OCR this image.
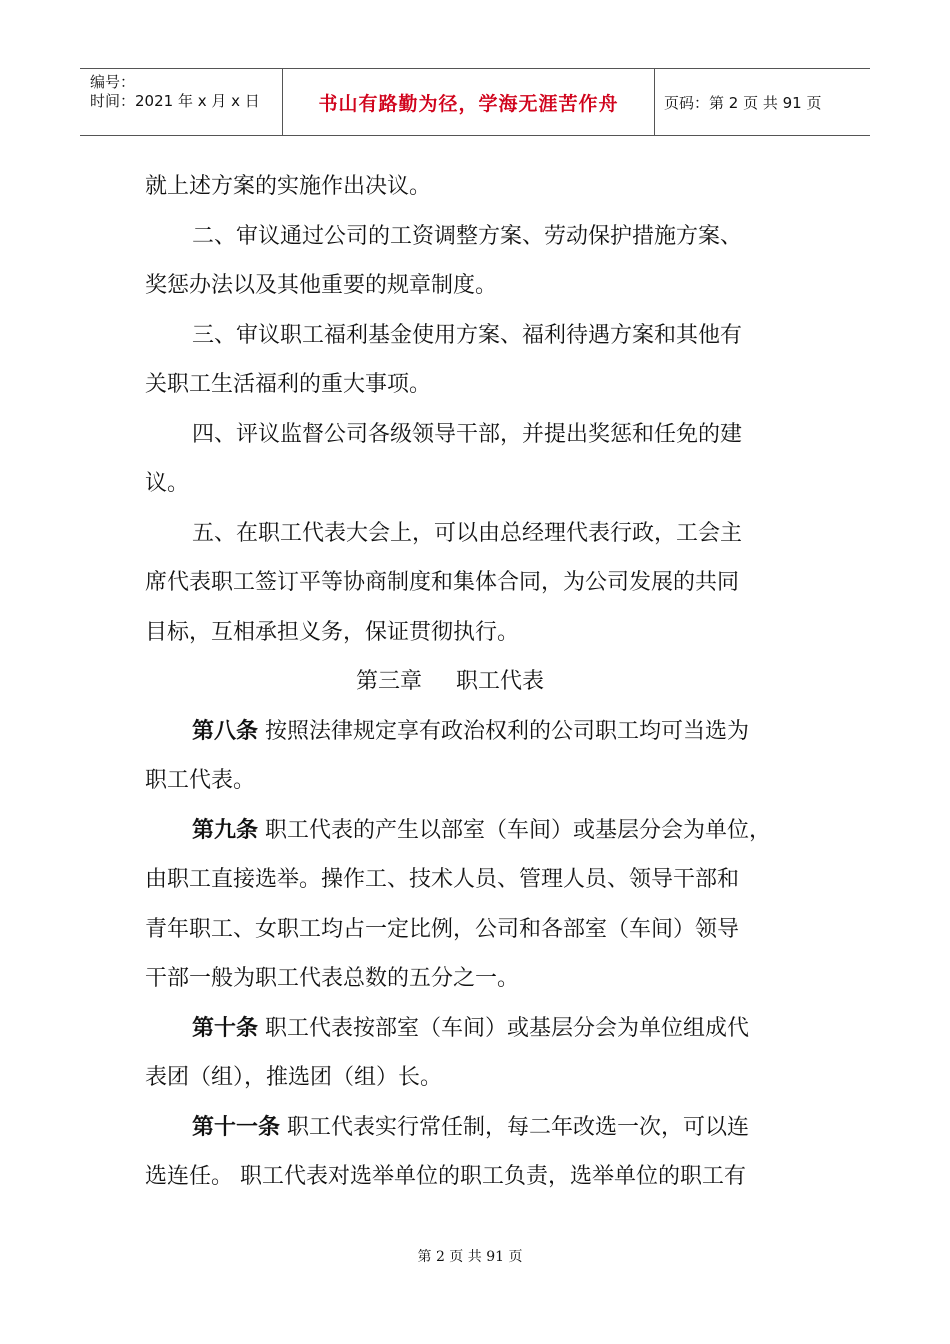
编号：
时间：2021 年 x 月 x 日	书山有路勤为径，学海无涯苦作舟	页码：第 2 页 共 91 页
就上述方案的实施作出决议。
二、审议通过公司的工资调整方案、劳动保护措施方案、
奖惩办法以及其他重要的规章制度。
三、审议职工福利基金使用方案、福利待遇方案和其他有
关职工生活福利的重大事项。
四、评议监督公司各级领导干部，并提出奖惩和任免的建
议。
五、在职工代表大会上，可以由总经理代表行政，工会主
席代表职工签订平等协商制度和集体合同，为公司发展的共同
目标，互相承担义务，保证贯彻执行。
第三章 职工代表
第八条 按照法律规定享有政治权利的公司职工均可当选为
职工代表。
第九条 职工代表的产生以部室（车间）或基层分会为单位，
由职工直接选举。操作工、技术人员、管理人员、领导干部和
青年职工、女职工均占一定比例，公司和各部室（车间）领导
干部一般为职工代表总数的五分之一。
第十条 职工代表按部室（车间）或基层分会为单位组成代
表团（组），推选团（组）长。
第十一条 职工代表实行常任制，每二年改选一次，可以连
选连任。 职工代表对选举单位的职工负责，选举单位的职工有
第 2 页 共 91 页
